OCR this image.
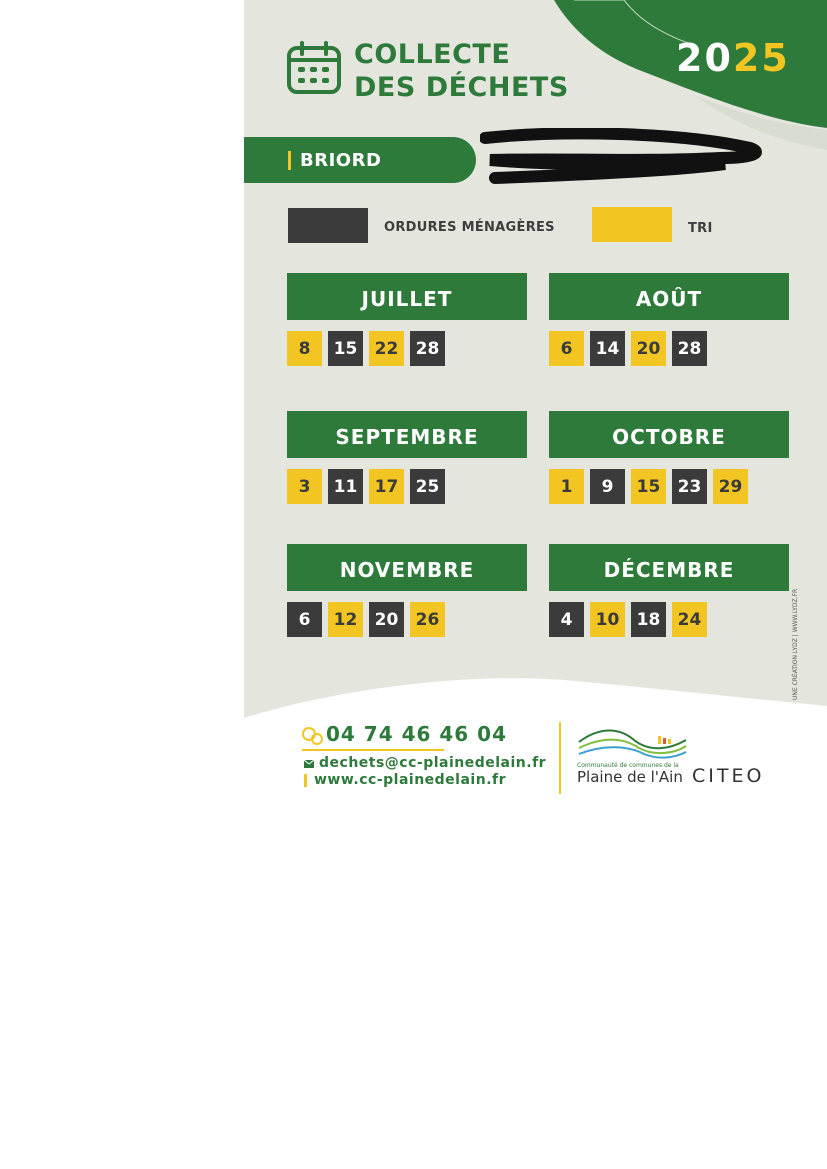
COLLECTE
DES DÉCHETS
2025
BRIORD
ORDURES MÉNAGÈRES	TRI
JUILLET
8	15	22	28
AOÛT
6	14	20	28
SEPTEMBRE
3	11	17	25
OCTOBRE
1	9	15	23	29
NOVEMBRE
6	12	20	26
DÉCEMBRE
4	10	18	24	UNE CRÉATION LYDZ | WWW.LYDZ.FR
04 74 46 46 04
dechets@cc-plainedelain.fr
www.cc-plainedelain.fr
Communauté de communes de la
Plaine de l'Ain CITEO
